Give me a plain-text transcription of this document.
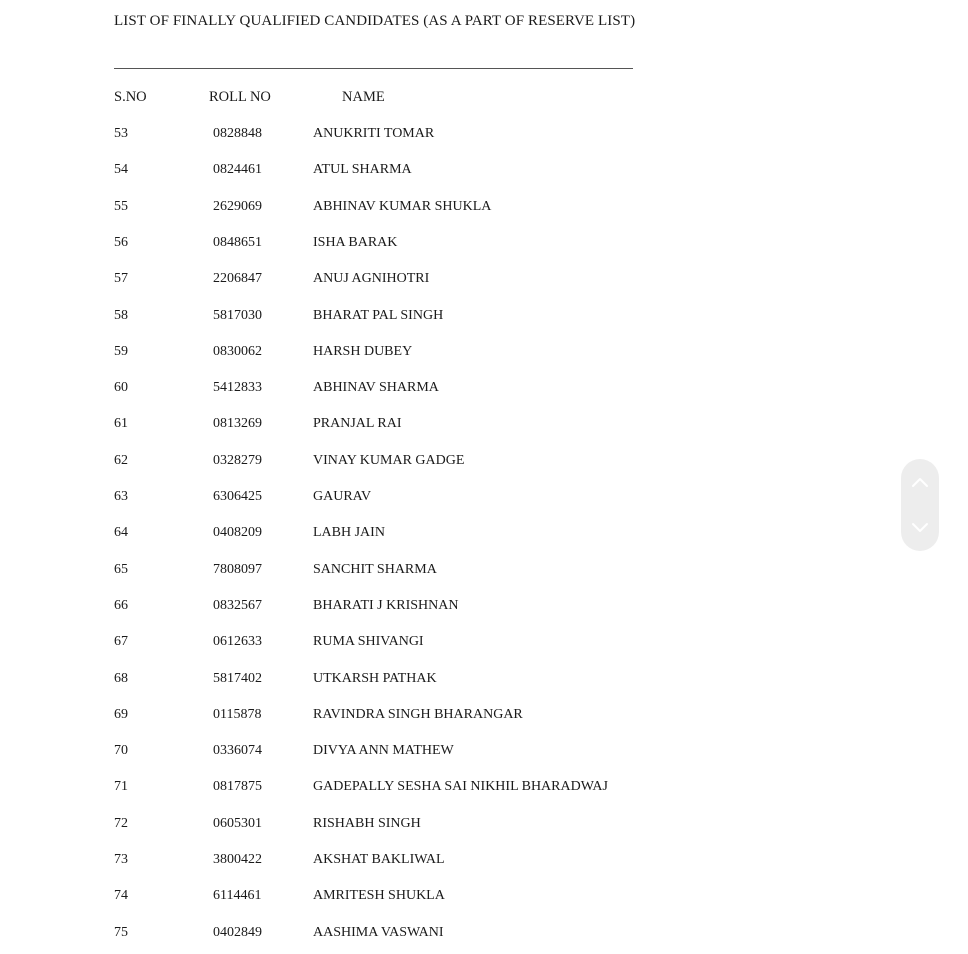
LIST OF FINALLY QUALIFIED CANDIDATES (AS A PART OF RESERVE LIST)
S.NO	ROLL NO	NAME
53	0828848	ANUKRITI TOMAR
54	0824461	ATUL SHARMA
55	2629069	ABHINAV KUMAR SHUKLA
56	0848651	ISHA BARAK
57	2206847	ANUJ AGNIHOTRI
58	5817030	BHARAT PAL SINGH
59	0830062	HARSH DUBEY
60	5412833	ABHINAV SHARMA
61	0813269	PRANJAL RAI
62	0328279	VINAY KUMAR GADGE
63	6306425	GAURAV
64	0408209	LABH JAIN
65	7808097	SANCHIT SHARMA
66	0832567	BHARATI J KRISHNAN
67	0612633	RUMA SHIVANGI
68	5817402	UTKARSH PATHAK
69	0115878	RAVINDRA SINGH BHARANGAR
70	0336074	DIVYA ANN MATHEW
71	0817875	GADEPALLY SESHA SAI NIKHIL BHARADWAJ
72	0605301	RISHABH SINGH
73	3800422	AKSHAT BAKLIWAL
74	6114461	AMRITESH SHUKLA
75	0402849	AASHIMA VASWANI
